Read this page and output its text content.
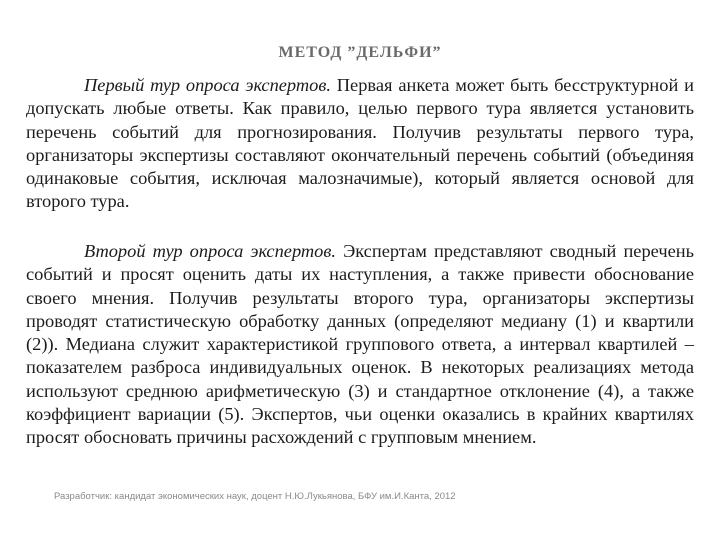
МЕТОД ”ДЕЛЬФИ”

Первый тур опроса экспертов. Первая анкета может быть бесструктурной и допускать любые ответы. Как правило, целью первого тура является установить перечень событий для прогнозирования. Получив результаты первого тура, организаторы экспертизы составляют окончательный перечень событий (объединяя одинаковые события, исключая малозначимые), который является основой для второго тура.

Второй тур опроса экспертов. Экспертам представляют сводный перечень событий и просят оценить даты их наступления, а также привести обоснование своего мнения. Получив результаты второго тура, организаторы экспертизы проводят статистическую обработку данных (определяют медиану (1) и квартили (2)). Медиана служит характеристикой группового ответа, а интервал квартилей – показателем разброса индивидуальных оценок. В некоторых реализациях метода используют среднюю арифметическую (3) и стандартное отклонение (4), а также коэффициент вариации (5). Экспертов, чьи оценки оказались в крайних квартилях просят обосновать причины расхождений с групповым мнением.

Разработчик: кандидат экономических наук, доцент Н.Ю.Лукьянова, БФУ им.И.Канта, 2012
